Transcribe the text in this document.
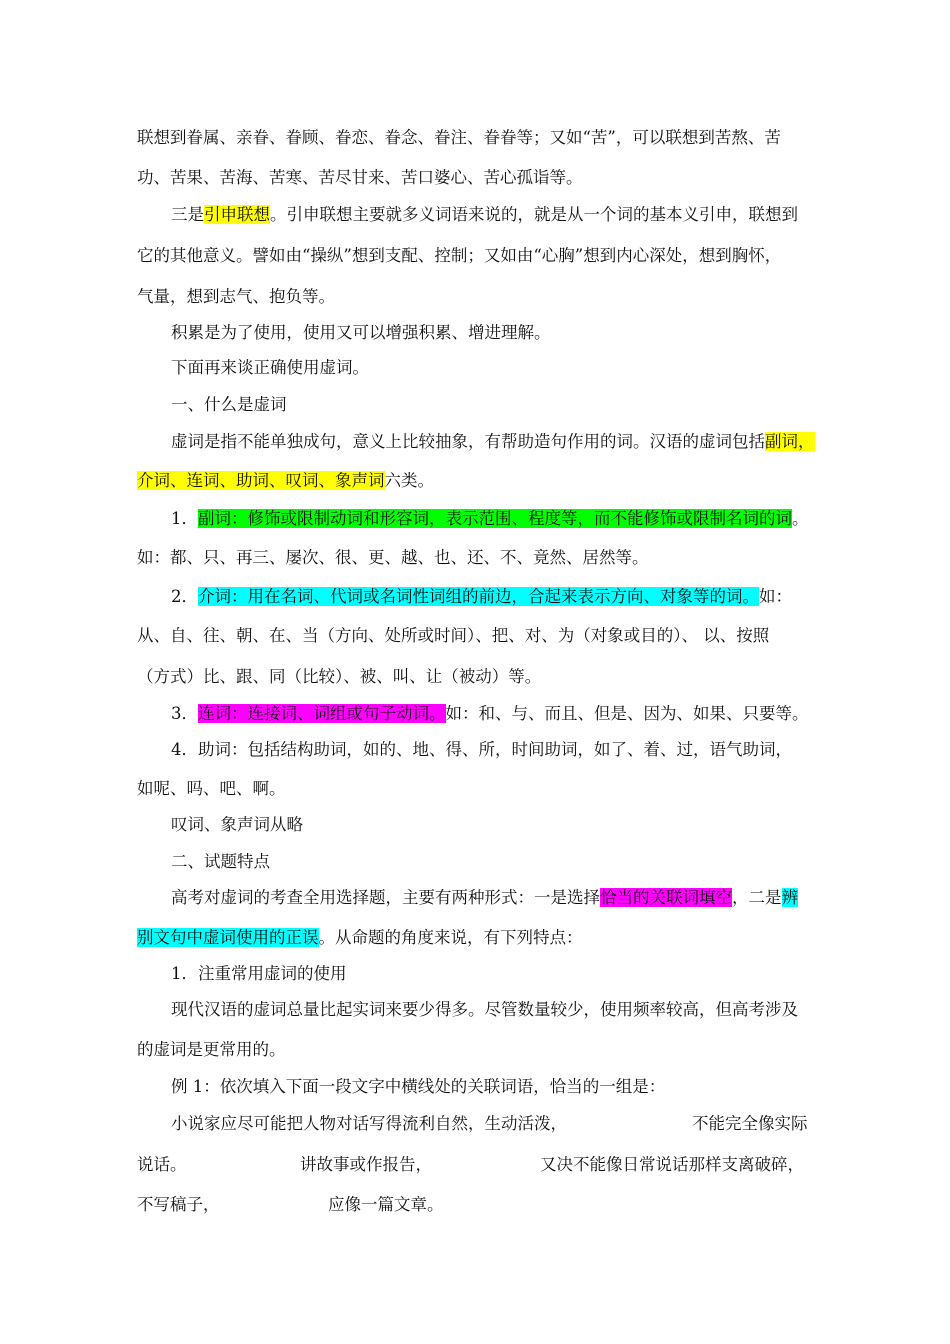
联想到眷属、亲眷、眷顾、眷恋、眷念、眷注、眷眷等；又如“苦”，可以联想到苦熬、苦
功、苦果、苦海、苦寒、苦尽甘来、苦口婆心、苦心孤诣等。
三是引申联想。引申联想主要就多义词语来说的，就是从一个词的基本义引申，联想到
它的其他意义。譬如由“操纵”想到支配、控制；又如由“心胸”想到内心深处，想到胸怀，
气量，想到志气、抱负等。
积累是为了使用，使用又可以增强积累、增进理解。
下面再来谈正确使用虚词。
一、什么是虚词
虚词是指不能单独成句，意义上比较抽象，有帮助造句作用的词。汉语的虚词包括副词，
介词、连词、助词、叹词、象声词六类。
1．副词：修饰或限制动词和形容词，表示范围、程度等，而不能修饰或限制名词的词。
如：都、只、再三、屡次、很、更、越、也、还、不、竟然、居然等。
2．介词：用在名词、代词或名词性词组的前边，合起来表示方向、对象等的词。如：
从、自、往、朝、在、当（方向、处所或时间）、把、对、为（对象或目的）、 以、按照
（方式）比、跟、同（比较）、被、叫、让（被动）等。
3．连词：连接词、词组或句子动词。如：和、与、而且、但是、因为、如果、只要等。
4．助词：包括结构助词，如的、地、得、所，时间助词，如了、着、过，语气助词，
如呢、吗、吧、啊。
叹词、象声词从略
二、试题特点
高考对虚词的考查全用选择题，主要有两种形式：一是选择恰当的关联词填空，二是辨
别文句中虚词使用的正误。从命题的角度来说，有下列特点：
1．注重常用虚词的使用
现代汉语的虚词总量比起实词来要少得多。尽管数量较少，使用频率较高，但高考涉及
的虚词是更常用的。
例 1：依次填入下面一段文字中横线处的关联词语，恰当的一组是：
小说家应尽可能把人物对话写得流利自然，生动活泼，	不能完全像实际
说话。	讲故事或作报告，	又决不能像日常说话那样支离破碎，
不写稿子，	应像一篇文章。
